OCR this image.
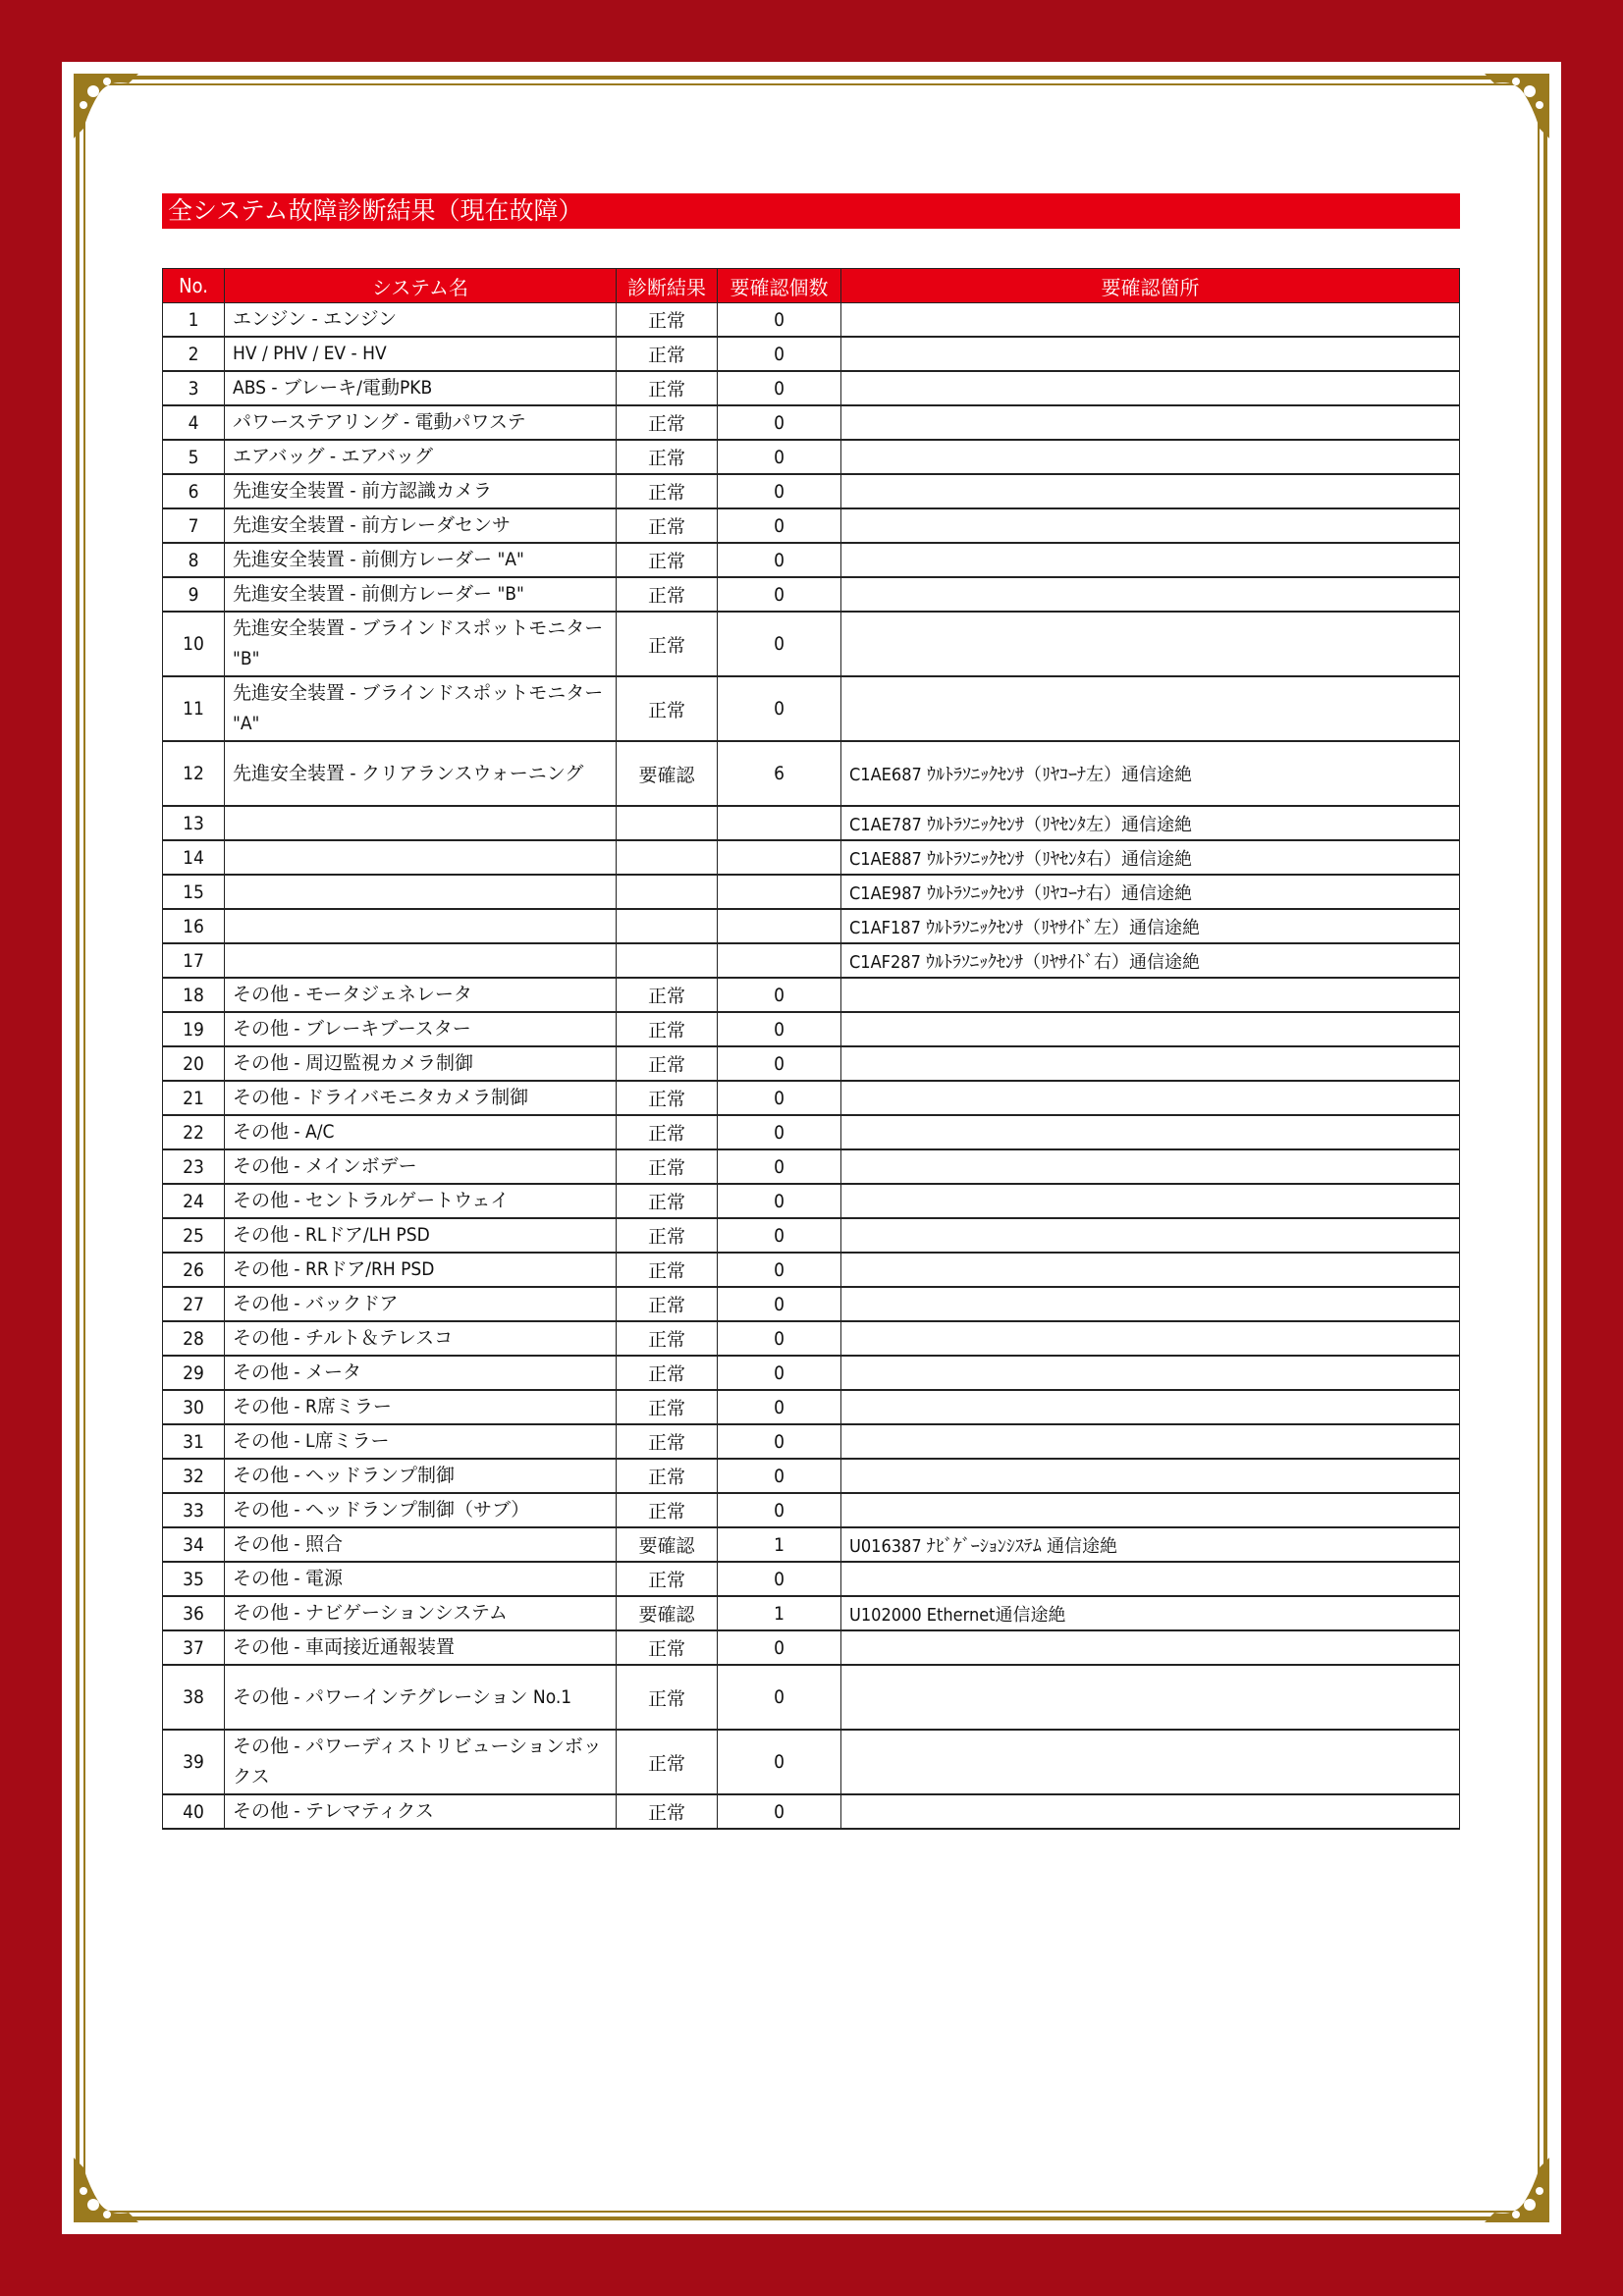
全システム故障診断結果（現在故障）
No.	システム名	診断結果	要確認個数	要確認箇所
1	エンジン - エンジン	正常	0	
2	HV / PHV / EV - HV	正常	0	
3	ABS - ブレーキ/電動PKB	正常	0	
4	パワーステアリング - 電動パワステ	正常	0	
5	エアバッグ - エアバッグ	正常	0	
6	先進安全装置 - 前方認識カメラ	正常	0	
7	先進安全装置 - 前方レーダセンサ	正常	0	
8	先進安全装置 - 前側方レーダー "A"	正常	0	
9	先進安全装置 - 前側方レーダー "B"	正常	0	
10	先進安全装置 - ブラインドスポットモニター "B"	正常	0	
11	先進安全装置 - ブラインドスポットモニター "A"	正常	0	
12	先進安全装置 - クリアランスウォーニング	要確認	6	C1AE687 ｳﾙﾄﾗｿﾆｯｸｾﾝｻ（ﾘﾔｺｰﾅ左）通信途絶
13				C1AE787 ｳﾙﾄﾗｿﾆｯｸｾﾝｻ（ﾘﾔｾﾝﾀ左）通信途絶
14				C1AE887 ｳﾙﾄﾗｿﾆｯｸｾﾝｻ（ﾘﾔｾﾝﾀ右）通信途絶
15				C1AE987 ｳﾙﾄﾗｿﾆｯｸｾﾝｻ（ﾘﾔｺｰﾅ右）通信途絶
16				C1AF187 ｳﾙﾄﾗｿﾆｯｸｾﾝｻ（ﾘﾔｻｲﾄﾞ左）通信途絶
17				C1AF287 ｳﾙﾄﾗｿﾆｯｸｾﾝｻ（ﾘﾔｻｲﾄﾞ右）通信途絶
18	その他 - モータジェネレータ	正常	0	
19	その他 - ブレーキブースター	正常	0	
20	その他 - 周辺監視カメラ制御	正常	0	
21	その他 - ドライバモニタカメラ制御	正常	0	
22	その他 - A/C	正常	0	
23	その他 - メインボデー	正常	0	
24	その他 - セントラルゲートウェイ	正常	0	
25	その他 - RLドア/LH PSD	正常	0	
26	その他 - RRドア/RH PSD	正常	0	
27	その他 - バックドア	正常	0	
28	その他 - チルト＆テレスコ	正常	0	
29	その他 - メータ	正常	0	
30	その他 - R席ミラー	正常	0	
31	その他 - L席ミラー	正常	0	
32	その他 - ヘッドランプ制御	正常	0	
33	その他 - ヘッドランプ制御（サブ）	正常	0	
34	その他 - 照合	要確認	1	U016387 ﾅﾋﾞｹﾞｰｼｮﾝｼｽﾃﾑ 通信途絶
35	その他 - 電源	正常	0	
36	その他 - ナビゲーションシステム	要確認	1	U102000 Ethernet通信途絶
37	その他 - 車両接近通報装置	正常	0	
38	その他 - パワーインテグレーション No.1	正常	0	
39	その他 - パワーディストリビューションボックス	正常	0	
40	その他 - テレマティクス	正常	0	
